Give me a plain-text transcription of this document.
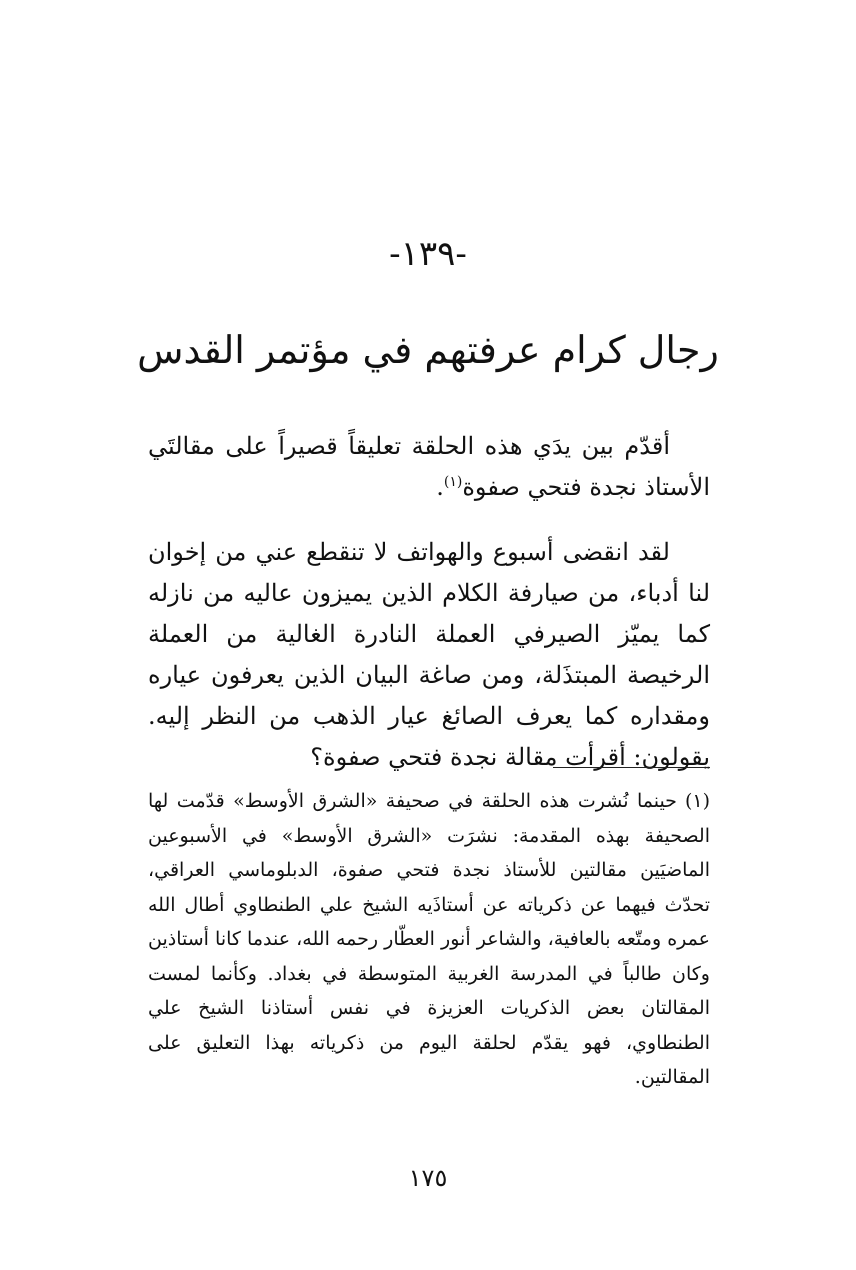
-١٣٩-
رجال كرام عرفتهم في مؤتمر القدس

أقدّم بين يدَي هذه الحلقة تعليقاً قصيراً على مقالتَي الأستاذ نجدة فتحي صفوة$^{(١)}$.

لقد انقضى أسبوع والهواتف لا تنقطع عني من إخوان لنا أدباء، من صيارفة الكلام الذين يميزون عاليه من نازله كما يميّز الصيرفي العملة النادرة الغالية من العملة الرخيصة المبتذَلة، ومن صاغة البيان الذين يعرفون عياره ومقداره كما يعرف الصائغ عيار الذهب من النظر إليه. يقولون: أقرأت مقالة نجدة فتحي صفوة؟

(١)حينما نُشرت هذه الحلقة في صحيفة «الشرق الأوسط» قدّمت لها الصحيفة بهذه المقدمة: نشرَت «الشرق الأوسط» في الأسبوعين الماضيَين مقالتين للأستاذ نجدة فتحي صفوة، الدبلوماسي العراقي، تحدّث فيهما عن ذكرياته عن أستاذَيه الشيخ علي الطنطاوي أطال الله عمره ومتّعه بالعافية، والشاعر أنور العطّار رحمه الله، عندما كانا أستاذين وكان طالباً في المدرسة الغربية المتوسطة في بغداد. وكأنما لمست المقالتان بعض الذكريات العزيزة في نفس أستاذنا الشيخ علي الطنطاوي، فهو يقدّم لحلقة اليوم من ذكرياته بهذا التعليق على المقالتين.
١٧٥
